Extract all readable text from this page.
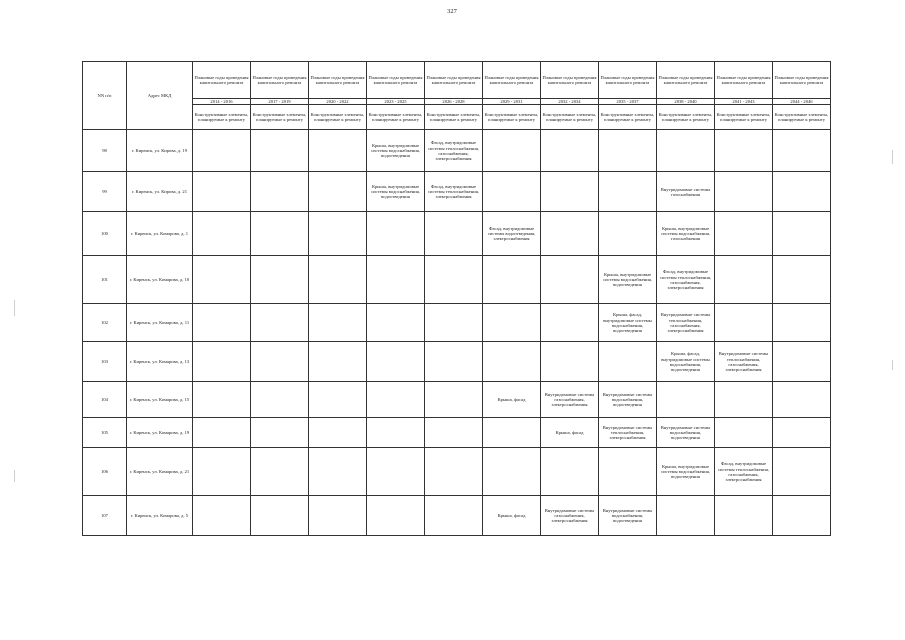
327
NN п/п	Адрес МКД	Плановые годы проведения капитального ремонта	Плановые годы проведения капитального ремонта	Плановые годы проведения капитального ремонта	Плановые годы проведения капитального ремонта	Плановые годы проведения капитального ремонта	Плановые годы проведения капитального ремонта	Плановые годы проведения капитального ремонта	Плановые годы проведения капитального ремонта	Плановые годы проведения капитального ремонта	Плановые годы проведения капитального ремонта	Плановые годы проведения капитального ремонта
		2014 - 2016	2017 - 2019	2020 - 2022	2023 - 2025	2026 - 2028	2029 - 2031	2032 - 2034	2035 - 2037	2038 - 2040	2041 - 2043	2044 - 2046
		Конструктивные элементы, планируемые к ремонту	Конструктивные элементы, планируемые к ремонту	Конструктивные элементы, планируемые к ремонту	Конструктивные элементы, планируемые к ремонту	Конструктивные элементы, планируемые к ремонту	Конструктивные элементы, планируемые к ремонту	Конструктивные элементы, планируемые к ремонту	Конструктивные элементы, планируемые к ремонту	Конструктивные элементы, планируемые к ремонту	Конструктивные элементы, планируемые к ремонту	Конструктивные элементы, планируемые к ремонту
98	г. Киренск, ул. Кирова, д. 19				Крыша, внутридомовые системы водоснабжения, водоотведения	Фасад, внутридомовые системы теплоснабжения, газоснабжения, электроснабжения						
99	г. Киренск, ул. Кирова, д. 21				Крыша, внутридомовые системы водоснабжения, водоотведения	Фасад, внутридомовые системы теплоснабжения, электроснабжения				Внутридомовые системы газоснабжения		
100	г. Киренск, ул. Комарова, д. 1						Фасад, внутридомовые системы водоотведения, электроснабжения			Крыша, внутридомовые системы водоснабжения, газоснабжения		
101	г. Киренск, ул. Комарова, д. 10								Крыша, внутридомовые системы водоснабжения, водоотведения	Фасад, внутридомовые системы теплоснабжения, газоснабжения, электроснабжения		
102	г. Киренск, ул. Комарова, д. 11								Крыша, фасад, внутридомовые системы водоснабжения, водоотведения	Внутридомовые системы теплоснабжения, газоснабжения, электроснабжения		
103	г. Киренск, ул. Комарова, д. 13									Крыша, фасад, внутридомовые системы водоснабжения, водоотведения	Внутридомовые системы теплоснабжения, газоснабжения, электроснабжения	
104	г. Киренск, ул. Комарова, д. 15						Крыша, фасад	Внутридомовые системы газоснабжения, электроснабжения	Внутридомовые системы водоснабжения, водоотведения			
105	г. Киренск, ул. Комарова, д. 19							Крыша, фасад	Внутридомовые системы теплоснабжения, электроснабжения	Внутридомовые системы водоснабжения, водоотведения		
106	г. Киренск, ул. Комарова, д. 21									Крыша, внутридомовые системы водоснабжения, водоотведения	Фасад, внутридомовые системы теплоснабжения, газоснабжения, электроснабжения	
107	г. Киренск, ул. Комарова, д. 5						Крыша, фасад	Внутридомовые системы газоснабжения, электроснабжения	Внутридомовые системы водоснабжения, водоотведения			
